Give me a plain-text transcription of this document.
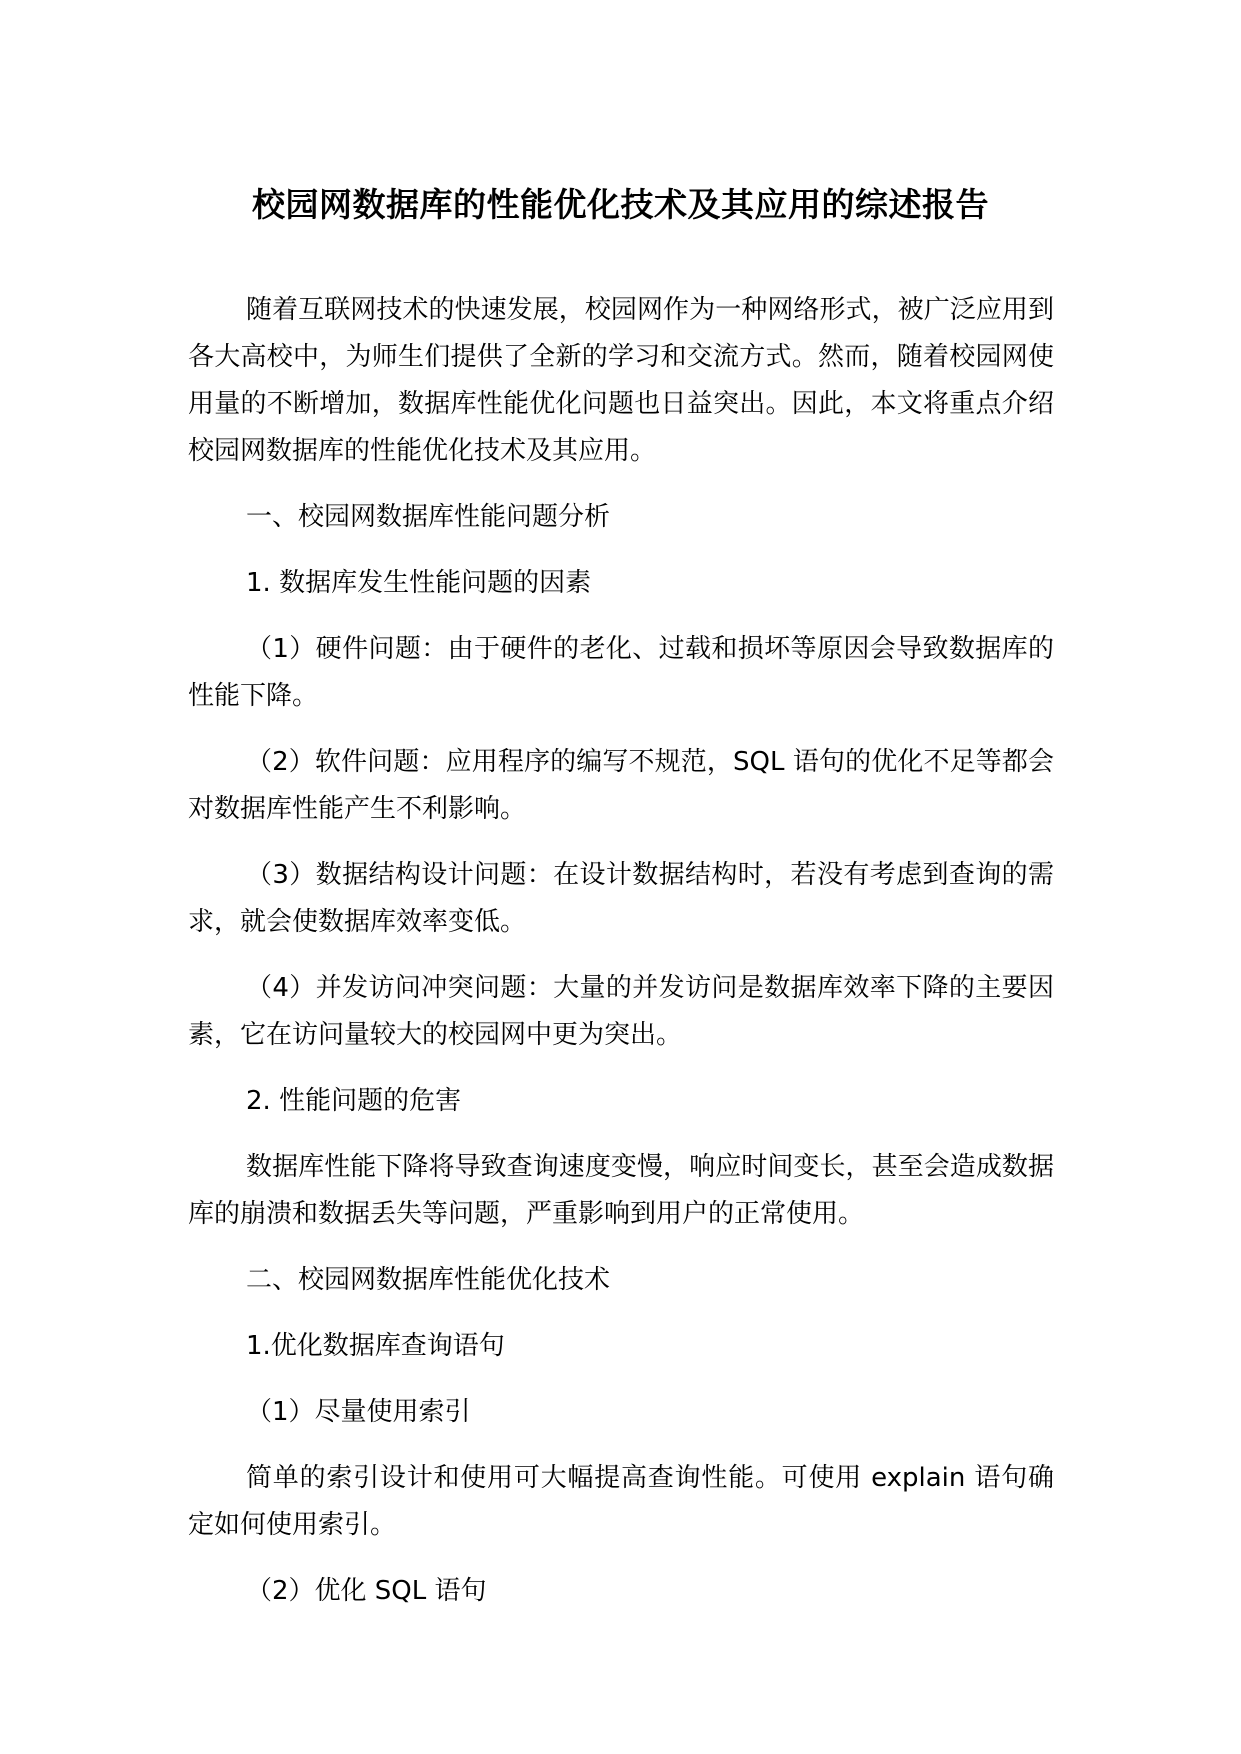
校园网数据库的性能优化技术及其应用的综述报告

随着互联网技术的快速发展，校园网作为一种网络形式，被广泛应用到各大高校中，为师生们提供了全新的学习和交流方式。然而，随着校园网使用量的不断增加，数据库性能优化问题也日益突出。因此，本文将重点介绍校园网数据库的性能优化技术及其应用。

一、校园网数据库性能问题分析

1. 数据库发生性能问题的因素

（1）硬件问题：由于硬件的老化、过载和损坏等原因会导致数据库的性能下降。

（2）软件问题：应用程序的编写不规范，SQL 语句的优化不足等都会对数据库性能产生不利影响。

（3）数据结构设计问题：在设计数据结构时，若没有考虑到查询的需求，就会使数据库效率变低。

（4）并发访问冲突问题：大量的并发访问是数据库效率下降的主要因素，它在访问量较大的校园网中更为突出。

2. 性能问题的危害

数据库性能下降将导致查询速度变慢，响应时间变长，甚至会造成数据库的崩溃和数据丢失等问题，严重影响到用户的正常使用。

二、校园网数据库性能优化技术

1.优化数据库查询语句

（1）尽量使用索引

简单的索引设计和使用可大幅提高查询性能。可使用 explain 语句确定如何使用索引。

（2）优化 SQL 语句
